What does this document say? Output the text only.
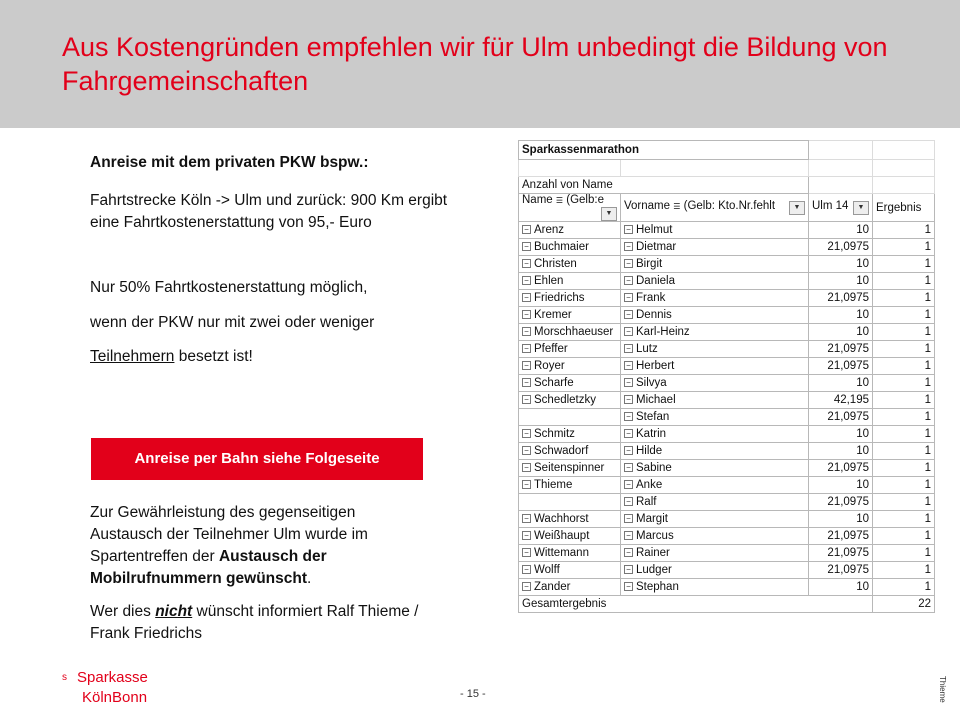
Aus Kostengründen empfehlen wir für Ulm unbedingt die Bildung von Fahrgemeinschaften
Anreise mit dem privaten PKW bspw.:
Fahrtstrecke Köln -> Ulm und zurück: 900 Km ergibt eine Fahrtkostenerstattung von 95,- Euro
Nur 50% Fahrtkostenerstattung möglich,
wenn der PKW nur mit zwei oder weniger
Teilnehmern besetzt ist!
Anreise per Bahn siehe Folgeseite
Zur Gewährleistung des gegenseitigen Austausch der Teilnehmer Ulm wurde im Spartentreffen der Austausch der Mobilrufnummern gewünscht.
Wer dies nicht wünscht informiert Ralf Thieme / Frank Friedrichs
Sparkassenmarathon			

Anzahl von Name			
Name ☰ (Gelb:e
▼	Vorname ☰ (Gelb: Kto.Nr.fehlt ▼	Ulm 14 ▼	Ergebnis
− Arenz	− Helmut	10	1
− Buchmaier	− Dietmar	21,0975	1
− Christen	− Birgit	10	1
− Ehlen	− Daniela	10	1
− Friedrichs	− Frank	21,0975	1
− Kremer	− Dennis	10	1
− Morschhaeuser	− Karl-Heinz	10	1
− Pfeffer	− Lutz	21,0975	1
− Royer	− Herbert	21,0975	1
− Scharfe	− Silvya	10	1
− Schedletzky	− Michael	42,195	1
	− Stefan	21,0975	1
− Schmitz	− Katrin	10	1
− Schwadorf	− Hilde	10	1
− Seitenspinner	− Sabine	21,0975	1
− Thieme	− Anke	10	1
	− Ralf	21,0975	1
− Wachhorst	− Margit	10	1
− Weißhaupt	− Marcus	21,0975	1
− Wittemann	− Rainer	21,0975	1
− Wolff	− Ludger	21,0975	1
− Zander	− Stephan	10	1
Gesamtergebnis			22
s Sparkasse
KölnBonn	- 15 -	Thieme
